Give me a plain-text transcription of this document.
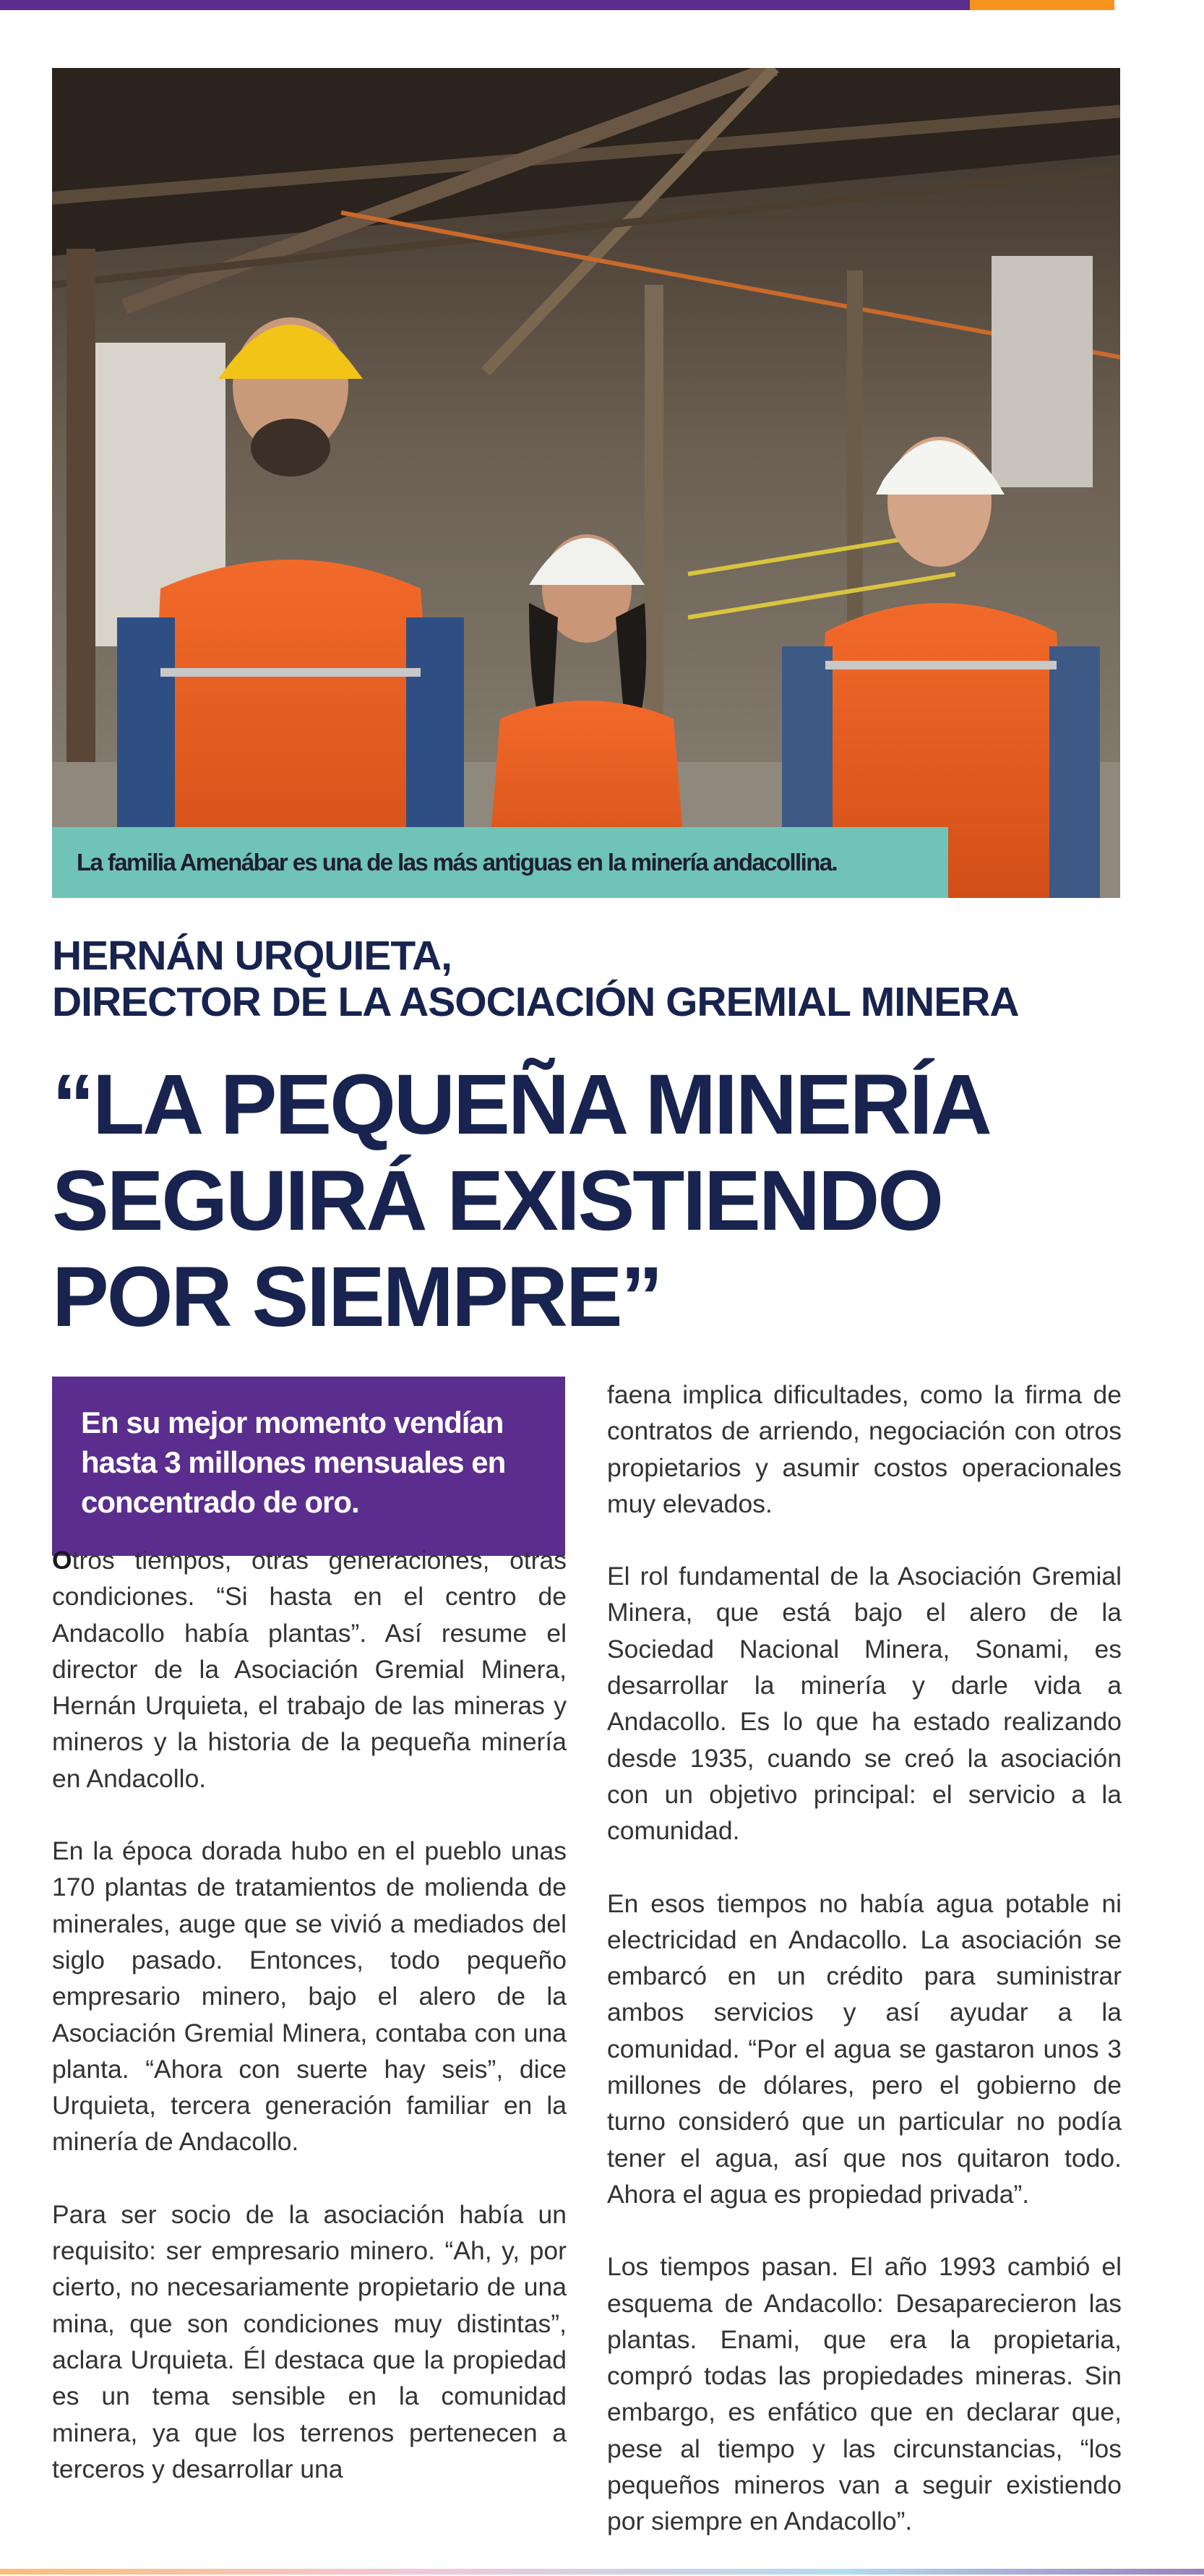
La familia Amenábar es una de las más antiguas en la minería andacollina.
HERNÁN URQUIETA,
DIRECTOR DE LA ASOCIACIÓN GREMIAL MINERA
“LA PEQUEÑA MINERÍA
SEGUIRÁ EXISTIENDO
POR SIEMPRE”
En su mejor momento vendían hasta 3 millones mensuales en concentrado de oro.

Otros tiempos, otras generaciones, otras condiciones. “Si hasta en el centro de Andacollo había plantas”. Así resume el director de la Asociación Gremial Minera, Hernán Urquieta, el trabajo de las mineras y mineros y la historia de la pequeña minería en Andacollo.

En la época dorada hubo en el pueblo unas 170 plantas de tratamientos de molienda de minerales, auge que se vivió a mediados del siglo pasado. Entonces, todo pequeño empresario minero, bajo el alero de la Asociación Gremial Minera, contaba con una planta. “Ahora con suerte hay seis”, dice Urquieta, tercera generación familiar en la minería de Andacollo.

Para ser socio de la asociación había un requisito: ser empresario minero. “Ah, y, por cierto, no necesariamente propietario de una mina, que son condiciones muy distintas”, aclara Urquieta. Él destaca que la propiedad es un tema sensible en la comunidad minera, ya que los terrenos pertenecen a terceros y desarrollar una

faena implica dificultades, como la firma de contratos de arriendo, negociación con otros propietarios y asumir costos operacionales muy elevados.

El rol fundamental de la Asociación Gremial Minera, que está bajo el alero de la Sociedad Nacional Minera, Sonami, es desarrollar la minería y darle vida a Andacollo. Es lo que ha estado realizando desde 1935, cuando se creó la asociación con un objetivo principal: el servicio a la comunidad.

En esos tiempos no había agua potable ni electricidad en Andacollo. La asociación se embarcó en un crédito para suministrar ambos servicios y así ayudar a la comunidad. “Por el agua se gastaron unos 3 millones de dólares, pero el gobierno de turno consideró que un particular no podía tener el agua, así que nos quitaron todo. Ahora el agua es propiedad privada”.

Los tiempos pasan. El año 1993 cambió el esquema de Andacollo: Desaparecieron las plantas. Enami, que era la propietaria, compró todas las propiedades mineras. Sin embargo, es enfático que en declarar que, pese al tiempo y las circunstancias, “los pequeños mineros van a seguir existiendo por siempre en Andacollo”.
